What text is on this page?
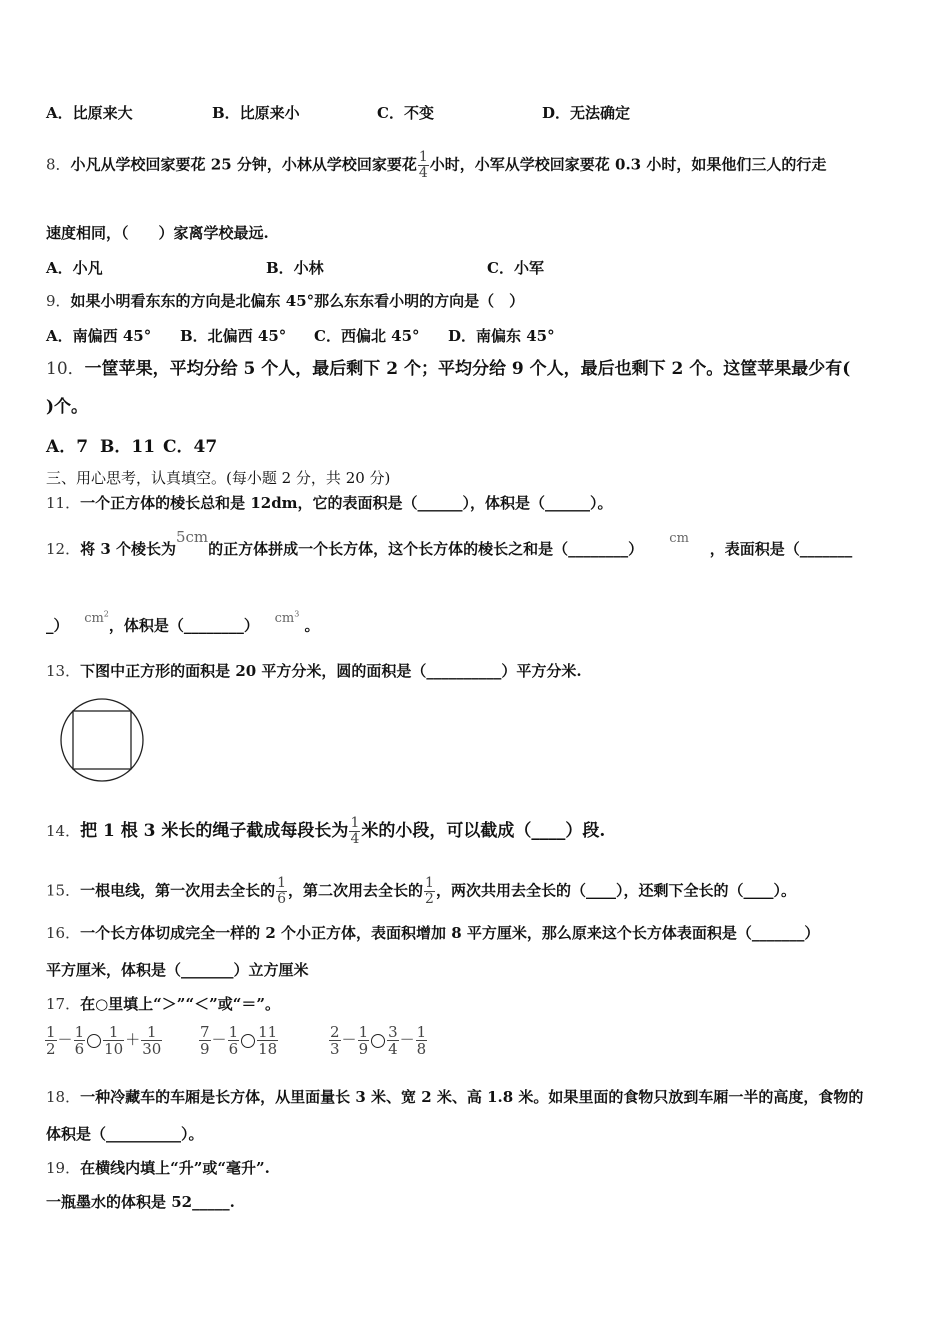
A．比原来大	B．比原来小	C．不变	D．无法确定
8．小凡从学校回家要花 25 分钟，小林从学校回家要花 $\frac{1}{4}$ 小时，小军从学校回家要花 0.3 小时，如果他们三人的行走
速度相同，（　　）家离学校最远.
A．小凡	B．小林	C．小军
9．如果小明看东东的方向是北偏东 45°那么东东看小明的方向是（　）
A．南偏西 45° B．北偏西 45° C．西偏北 45° D．南偏东 45°
10．一筐苹果，平均分给 5 个人，最后剩下 2 个；平均分给 9 个人，最后也剩下 2 个。这筐苹果最少有(
)个。
A．7 B．11 C．47
三、用心思考，认真填空。(每小题 2 分，共 20 分)
11．一个正方体的棱长总和是 12dm，它的表面积是（______），体积是（______）。
12．将 3 个棱长为5cm的正方体拼成一个长方体，这个长方体的棱长之和是（________）     cm    ，表面积是（_______
_） $cm^2$，体积是（________） $cm^3$ 。
13．下图中正方形的面积是 20 平方分米，圆的面积是（__________）平方分米.
14．把 1 根 3 米长的绳子截成每段长为 $\frac{1}{4}$ 米的小段，可以截成（____）段.
15．一根电线，第一次用去全长的 $\frac{1}{6}$ ，第二次用去全长的 $\frac{1}{2}$ ，两次共用去全长的（____），还剩下全长的（____）。
16．一个长方体切成完全一样的 2 个小正方体，表面积增加 8 平方厘米，那么原来这个长方体表面积是（_______）
平方厘米，体积是（_______）立方厘米
17．在○里填上“＞”“＜”或“＝”。
$\frac{1}{2} - \frac{1}{6} \frac{1}{10} + \frac{1}{30} \frac{7}{9} - \frac{1}{6} \frac{11}{18}$	$\frac{2}{3} - \frac{1}{9} \frac{3}{4} - \frac{1}{8}$
18．一种冷藏车的车厢是长方体，从里面量长 3 米、宽 2 米、高 1.8 米。如果里面的食物只放到车厢一半的高度，食物的
体积是（__________）。
19．在横线内填上“升”或“毫升”.
一瓶墨水的体积是 52_____.
